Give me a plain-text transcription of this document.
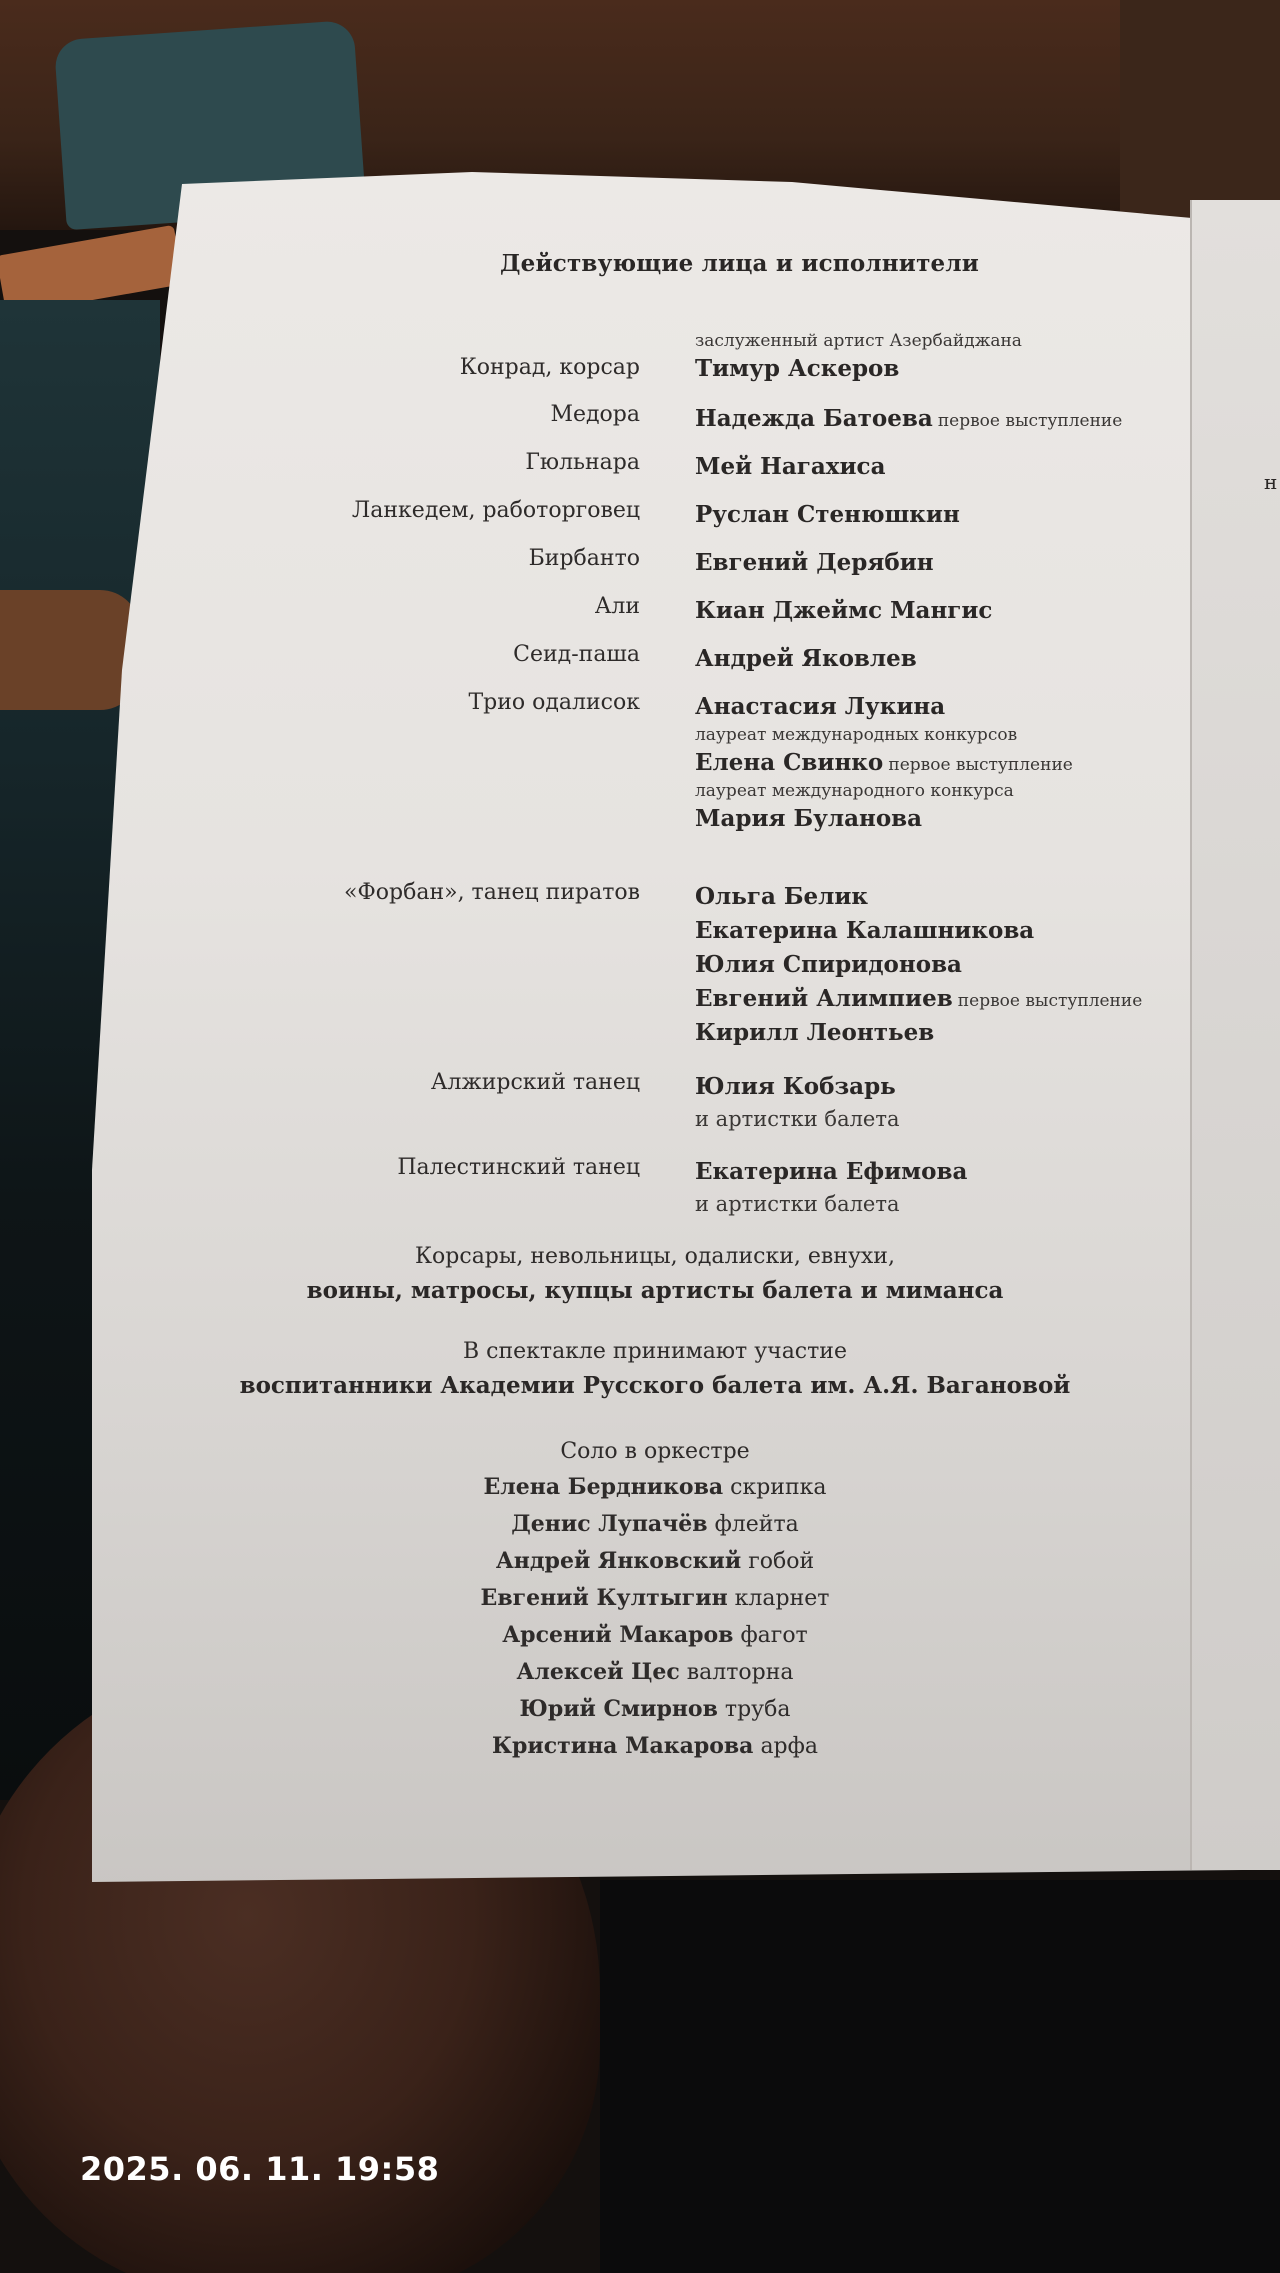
н
Действующие лица и исполнители
Конрад, корсар
заслуженный артист Азербайджана
Тимур Аскеров
Медора Надежда Батоева первое выступление
Гюльнара Мей Нагахиса
Ланкедем, работорговец Руслан Стенюшкин
Бирбанто Евгений Дерябин
Али Киан Джеймс Мангис
Сеид-паша Андрей Яковлев
Трио одалисок Анастасия Лукина
лауреат международных конкурсов
Елена Свинко первое выступление
лауреат международного конкурса
Мария Буланова
«Форбан», танец пиратов Ольга Белик
Екатерина Калашникова
Юлия Спиридонова
Евгений Алимпиев первое выступление
Кирилл Леонтьев
Алжирский танец Юлия Кобзарь
и артистки балета
Палестинский танец Екатерина Ефимова
и артистки балета
Корсары, невольницы, одалиски, евнухи,
воины, матросы, купцы артисты балета и миманса
В спектакле принимают участие
воспитанники Академии Русского балета им. А.Я. Вагановой
Соло в оркестре
Елена Бердникова скрипка
Денис Лупачёв флейта
Андрей Янковский гобой
Евгений Култыгин кларнет
Арсений Макаров фагот
Алексей Цес валторна
Юрий Смирнов труба
Кристина Макарова арфа
2025. 06. 11. 19:58
